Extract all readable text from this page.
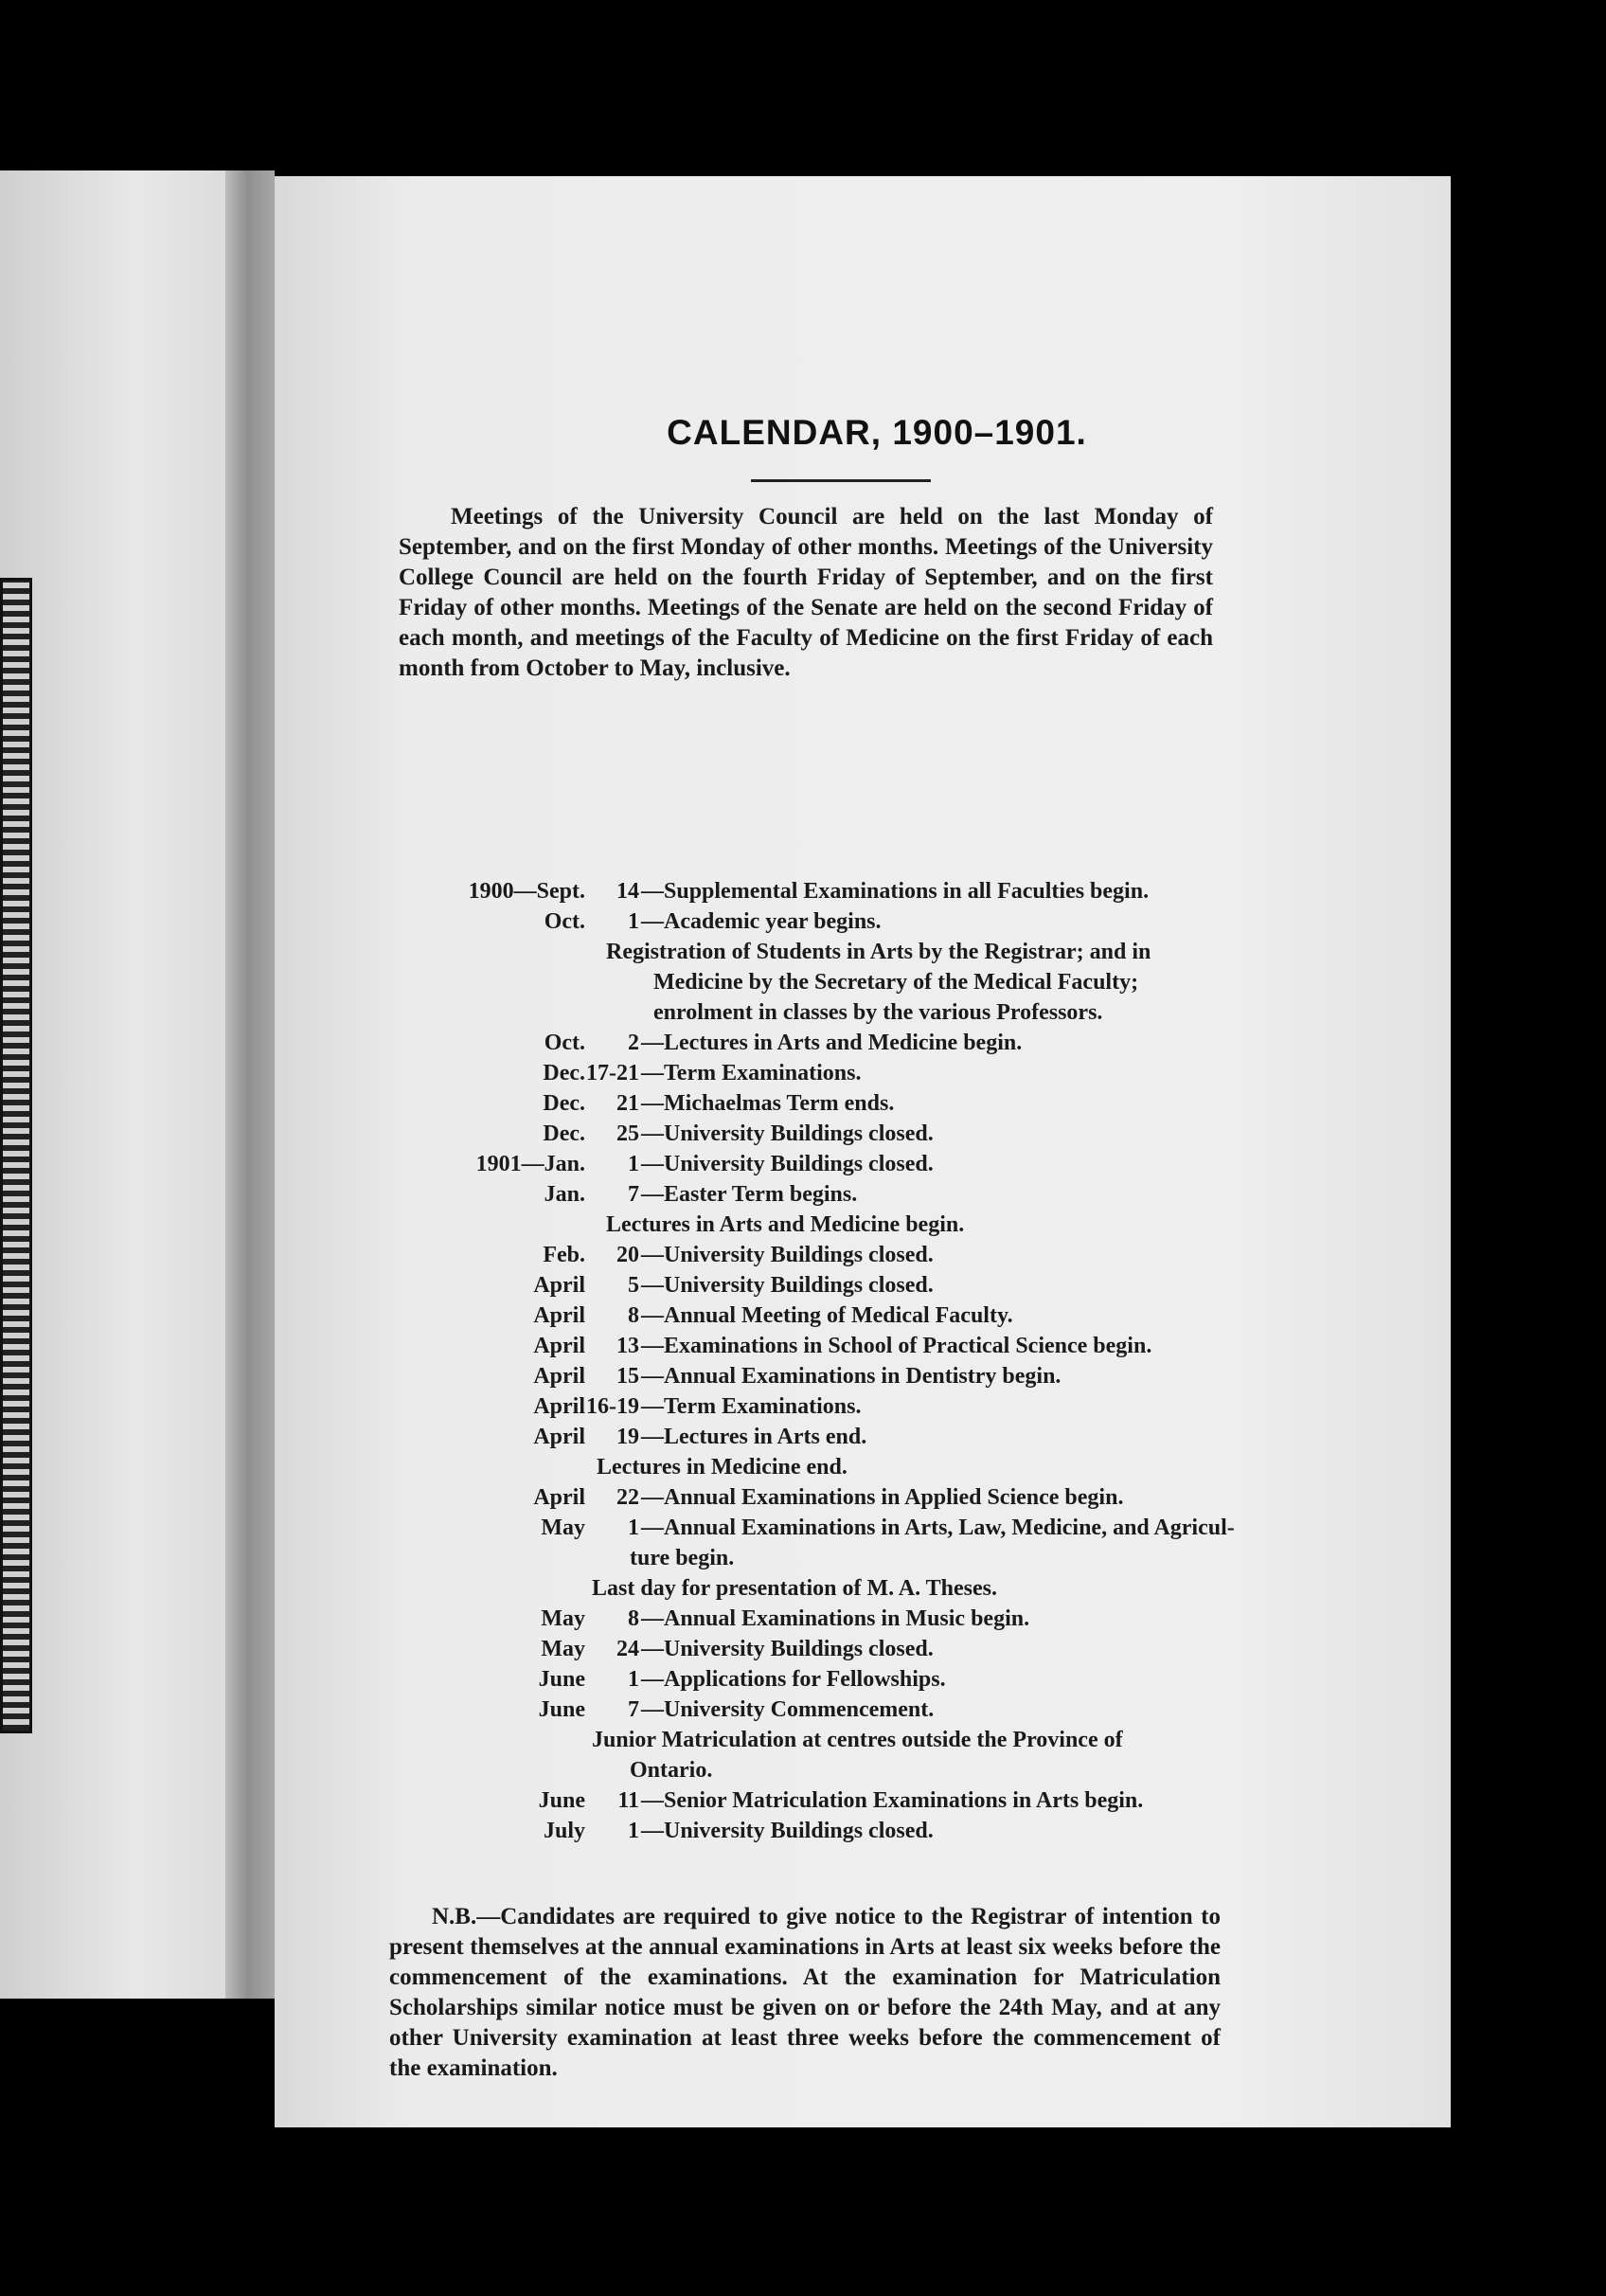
CALENDAR, 1900–1901.
Meetings of the University Council are held on the last Monday of September, and on the first Monday of other months. Meetings of the University College Council are held on the fourth Friday of September, and on the first Friday of other months. Meetings of the Senate are held on the second Friday of each month, and meetings of the Faculty of Medicine on the first Friday of each month from October to May, inclusive.
1900—Sept.	14 —Supplemental Examinations in all Faculties begin.
Oct.	1 —Academic year begins.
Registration of Students in Arts by the Registrar; and in
Medicine by the Secretary of the Medical Faculty;
enrolment in classes by the various Professors.
Oct.	2 —Lectures in Arts and Medicine begin.
Dec. 17-21 —Term Examinations.
Dec.	21 —Michaelmas Term ends.
Dec.	25 —University Buildings closed.
1901—Jan.	1 —University Buildings closed.
Jan.	7 —Easter Term begins.
Lectures in Arts and Medicine begin.
Feb.	20 —University Buildings closed.
April	5 —University Buildings closed.
April	8 —Annual Meeting of Medical Faculty.
April	13 —Examinations in School of Practical Science begin.
April	15 —Annual Examinations in Dentistry begin.
April 16-19 —Term Examinations.
April	19 —Lectures in Arts end.
Lectures in Medicine end.
April	22 —Annual Examinations in Applied Science begin.
May	1 —Annual Examinations in Arts, Law, Medicine, and Agricul-
ture begin.
Last day for presentation of M. A. Theses.
May	8 —Annual Examinations in Music begin.
May	24 —University Buildings closed.
June	1 —Applications for Fellowships.
June	7 —University Commencement.
Junior Matriculation at centres outside the Province of
Ontario.
June	11 —Senior Matriculation Examinations in Arts begin.
July	1 —University Buildings closed.
N.B.—Candidates are required to give notice to the Registrar of intention to present themselves at the annual examinations in Arts at least six weeks before the commencement of the examinations. At the examination for Matriculation Scholarships similar notice must be given on or before the 24th May, and at any other University examination at least three weeks before the commencement of the examination.
